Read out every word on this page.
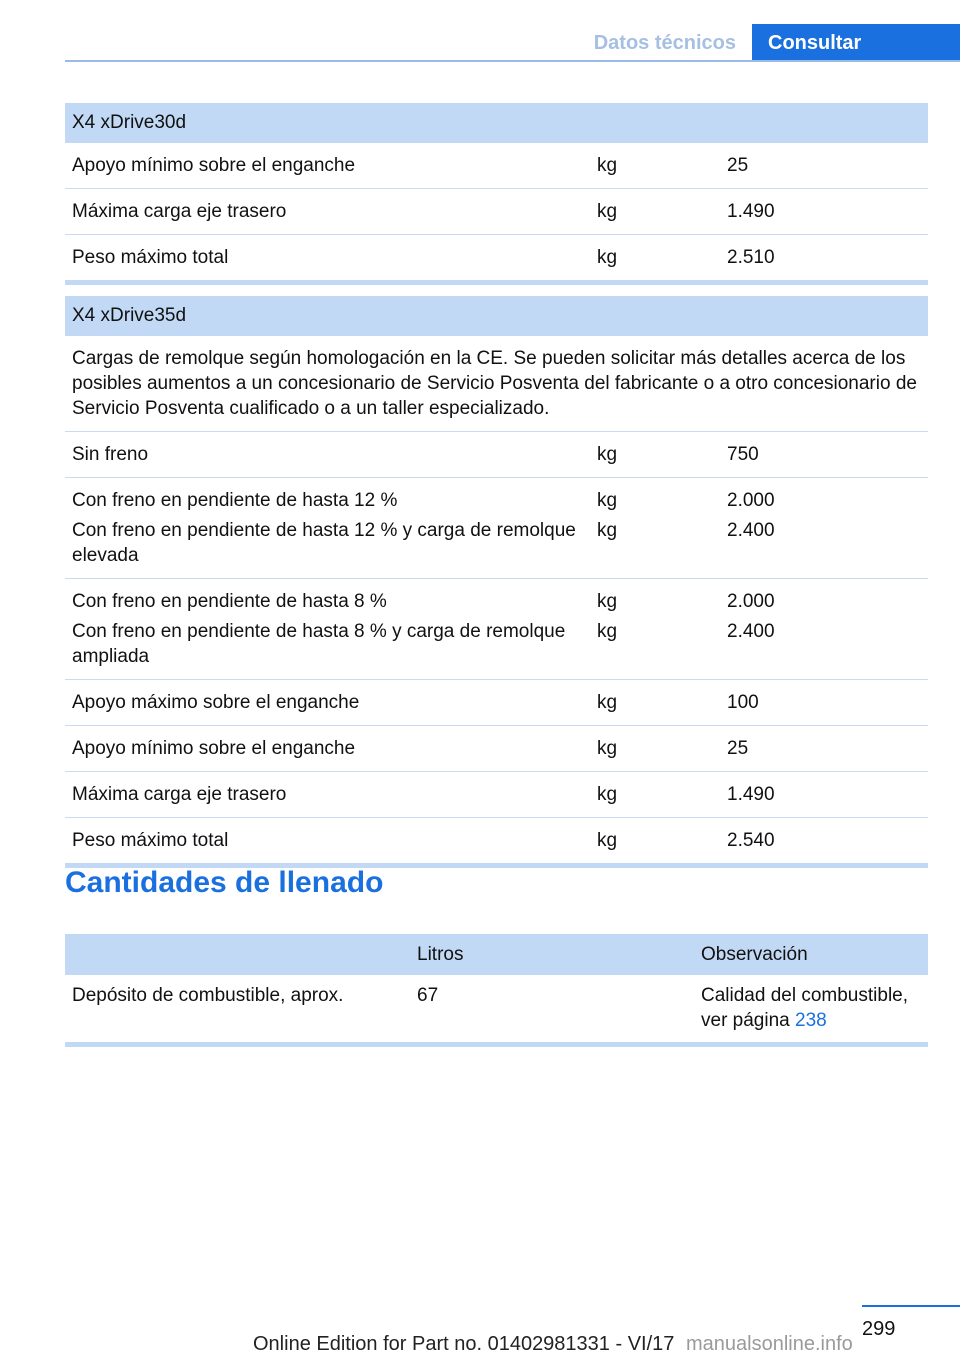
Datos técnicos	Consultar
X4 xDrive30d		
Apoyo mínimo sobre el enganche	kg	25
Máxima carga eje trasero	kg	1.490
Peso máximo total	kg	2.510
X4 xDrive35d		
Cargas de remolque según homologación en la CE. Se pueden solicitar más detalles acerca de los posibles aumentos a un concesionario de Servicio Posventa del fabricante o a otro concesionario de Servicio Posventa cualificado o a un taller especializado.		
Sin freno	kg	750
Con freno en pendiente de hasta 12 %	kg	2.000
Con freno en pendiente de hasta 12 % y carga de remolque elevada	kg	2.400
Con freno en pendiente de hasta 8 %	kg	2.000
Con freno en pendiente de hasta 8 % y carga de remolque ampliada	kg	2.400
Apoyo máximo sobre el enganche	kg	100
Apoyo mínimo sobre el enganche	kg	25
Máxima carga eje trasero	kg	1.490
Peso máximo total	kg	2.540
Cantidades de llenado
	Litros	Observación
Depósito de combustible, aprox.	67	Calidad del combustible, ver página 238
299
Online Edition for Part no. 01402981331 - VI/17 manualsonline.info
